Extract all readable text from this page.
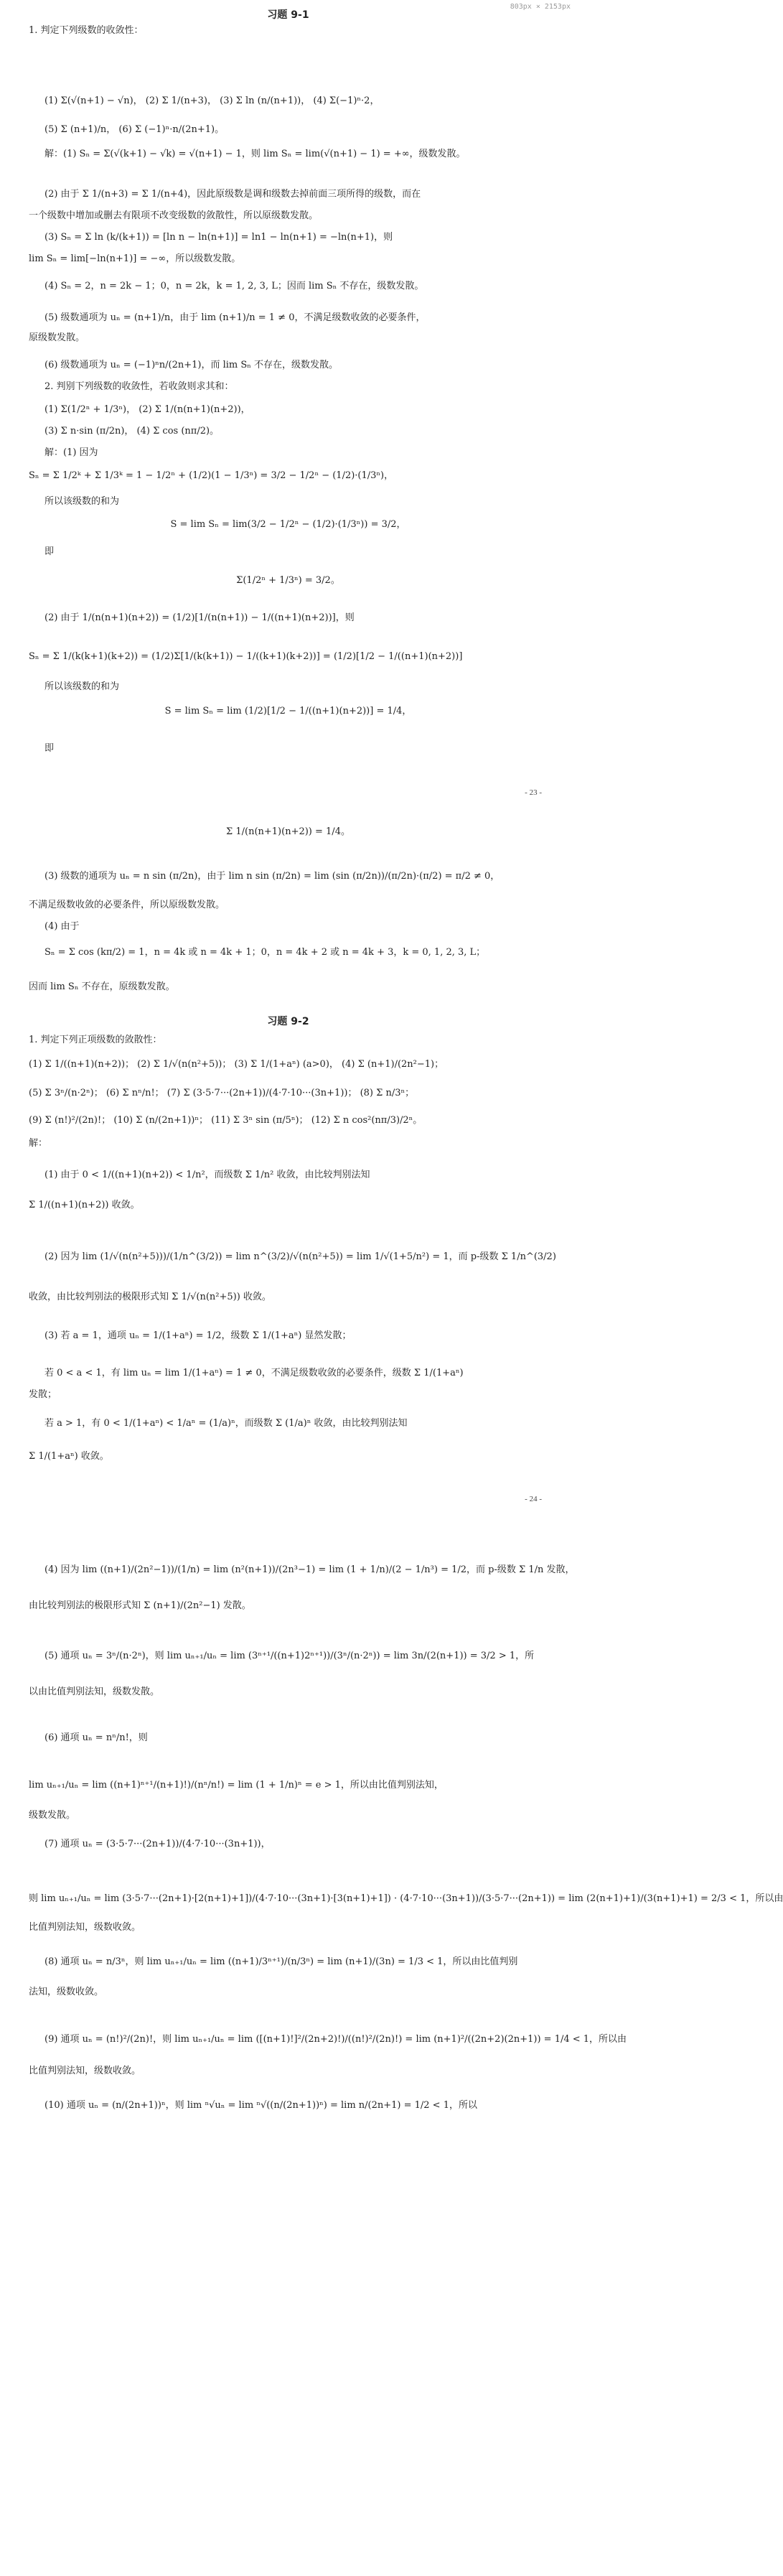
803px × 2153px
习题 9-1
1. 判定下列级数的收敛性：
(1) Σ(√(n+1) − √n)， (2) Σ 1/(n+3)， (3) Σ ln (n/(n+1))， (4) Σ(−1)ⁿ·2，
(5) Σ (n+1)/n， (6) Σ (−1)ⁿ·n/(2n+1)。
解：(1) Sₙ = Σ(√(k+1) − √k) = √(n+1) − 1，则 lim Sₙ = lim(√(n+1) − 1) = +∞，级数发散。
(2) 由于 Σ 1/(n+3) = Σ 1/(n+4)，因此原级数是调和级数去掉前面三项所得的级数，而在
一个级数中增加或删去有限项不改变级数的敛散性，所以原级数发散。
(3) Sₙ = Σ ln (k/(k+1)) = [ln n − ln(n+1)] = ln1 − ln(n+1) = −ln(n+1)，则
lim Sₙ = lim[−ln(n+1)] = −∞，所以级数发散。
(4) Sₙ = 2，n = 2k − 1；0，n = 2k，k = 1, 2, 3, L；因而 lim Sₙ 不存在，级数发散。
(5) 级数通项为 uₙ = (n+1)/n，由于 lim (n+1)/n = 1 ≠ 0，不满足级数收敛的必要条件，
原级数发散。
(6) 级数通项为 uₙ = (−1)ⁿn/(2n+1)，而 lim Sₙ 不存在，级数发散。
2. 判别下列级数的收敛性，若收敛则求其和：
(1) Σ(1/2ⁿ + 1/3ⁿ)， (2) Σ 1/(n(n+1)(n+2))，
(3) Σ n·sin (π/2n)， (4) Σ cos (nπ/2)。
解：(1) 因为
Sₙ = Σ 1/2ᵏ + Σ 1/3ᵏ = 1 − 1/2ⁿ + (1/2)(1 − 1/3ⁿ) = 3/2 − 1/2ⁿ − (1/2)·(1/3ⁿ)，
所以该级数的和为
S = lim Sₙ = lim(3/2 − 1/2ⁿ − (1/2)·(1/3ⁿ)) = 3/2，
即
Σ(1/2ⁿ + 1/3ⁿ) = 3/2。
(2) 由于 1/(n(n+1)(n+2)) = (1/2)[1/(n(n+1)) − 1/((n+1)(n+2))]，则
Sₙ = Σ 1/(k(k+1)(k+2)) = (1/2)Σ[1/(k(k+1)) − 1/((k+1)(k+2))] = (1/2)[1/2 − 1/((n+1)(n+2))]
所以该级数的和为
S = lim Sₙ = lim (1/2)[1/2 − 1/((n+1)(n+2))] = 1/4，
即
- 23 -
Σ 1/(n(n+1)(n+2)) = 1/4。
(3) 级数的通项为 uₙ = n sin (π/2n)，由于 lim n sin (π/2n) = lim (sin (π/2n))/(π/2n)·(π/2) = π/2 ≠ 0，
不满足级数收敛的必要条件，所以原级数发散。
(4) 由于
Sₙ = Σ cos (kπ/2) = 1，n = 4k 或 n = 4k + 1；0，n = 4k + 2 或 n = 4k + 3，k = 0, 1, 2, 3, L；
因而 lim Sₙ 不存在，原级数发散。
习题 9-2
1. 判定下列正项级数的敛散性：
(1) Σ 1/((n+1)(n+2))； (2) Σ 1/√(n(n²+5))； (3) Σ 1/(1+aⁿ) (a>0)， (4) Σ (n+1)/(2n²−1)；
(5) Σ 3ⁿ/(n·2ⁿ)； (6) Σ nⁿ/n!； (7) Σ (3·5·7···(2n+1))/(4·7·10···(3n+1))； (8) Σ n/3ⁿ；
(9) Σ (n!)²/(2n)!； (10) Σ (n/(2n+1))ⁿ； (11) Σ 3ⁿ sin (π/5ⁿ)； (12) Σ n cos²(nπ/3)/2ⁿ。
解：
(1) 由于 0 < 1/((n+1)(n+2)) < 1/n²，而级数 Σ 1/n² 收敛，由比较判别法知
Σ 1/((n+1)(n+2)) 收敛。
(2) 因为 lim (1/√(n(n²+5)))/(1/n^(3/2)) = lim n^(3/2)/√(n(n²+5)) = lim 1/√(1+5/n²) = 1，而 p-级数 Σ 1/n^(3/2)
收敛，由比较判别法的极限形式知 Σ 1/√(n(n²+5)) 收敛。
(3) 若 a = 1，通项 uₙ = 1/(1+aⁿ) = 1/2，级数 Σ 1/(1+aⁿ) 显然发散；
若 0 < a < 1，有 lim uₙ = lim 1/(1+aⁿ) = 1 ≠ 0，不满足级数收敛的必要条件，级数 Σ 1/(1+aⁿ)
发散；
若 a > 1，有 0 < 1/(1+aⁿ) < 1/aⁿ = (1/a)ⁿ，而级数 Σ (1/a)ⁿ 收敛，由比较判别法知
Σ 1/(1+aⁿ) 收敛。
- 24 -
(4) 因为 lim ((n+1)/(2n²−1))/(1/n) = lim (n²(n+1))/(2n³−1) = lim (1 + 1/n)/(2 − 1/n³) = 1/2，而 p-级数 Σ 1/n 发散，
由比较判别法的极限形式知 Σ (n+1)/(2n²−1) 发散。
(5) 通项 uₙ = 3ⁿ/(n·2ⁿ)，则 lim uₙ₊₁/uₙ = lim (3ⁿ⁺¹/((n+1)2ⁿ⁺¹))/(3ⁿ/(n·2ⁿ)) = lim 3n/(2(n+1)) = 3/2 > 1，所
以由比值判别法知，级数发散。
(6) 通项 uₙ = nⁿ/n!，则
lim uₙ₊₁/uₙ = lim ((n+1)ⁿ⁺¹/(n+1)!)/(nⁿ/n!) = lim (1 + 1/n)ⁿ = e > 1，所以由比值判别法知，
级数发散。
(7) 通项 uₙ = (3·5·7···(2n+1))/(4·7·10···(3n+1))，
则 lim uₙ₊₁/uₙ = lim (3·5·7···(2n+1)·[2(n+1)+1])/(4·7·10···(3n+1)·[3(n+1)+1]) · (4·7·10···(3n+1))/(3·5·7···(2n+1)) = lim (2(n+1)+1)/(3(n+1)+1) = 2/3 < 1，所以由
比值判别法知，级数收敛。
(8) 通项 uₙ = n/3ⁿ，则 lim uₙ₊₁/uₙ = lim ((n+1)/3ⁿ⁺¹)/(n/3ⁿ) = lim (n+1)/(3n) = 1/3 < 1，所以由比值判别
法知，级数收敛。
(9) 通项 uₙ = (n!)²/(2n)!，则 lim uₙ₊₁/uₙ = lim ([(n+1)!]²/(2n+2)!)/((n!)²/(2n)!) = lim (n+1)²/((2n+2)(2n+1)) = 1/4 < 1，所以由
比值判别法知，级数收敛。
(10) 通项 uₙ = (n/(2n+1))ⁿ，则 lim ⁿ√uₙ = lim ⁿ√((n/(2n+1))ⁿ) = lim n/(2n+1) = 1/2 < 1，所以
